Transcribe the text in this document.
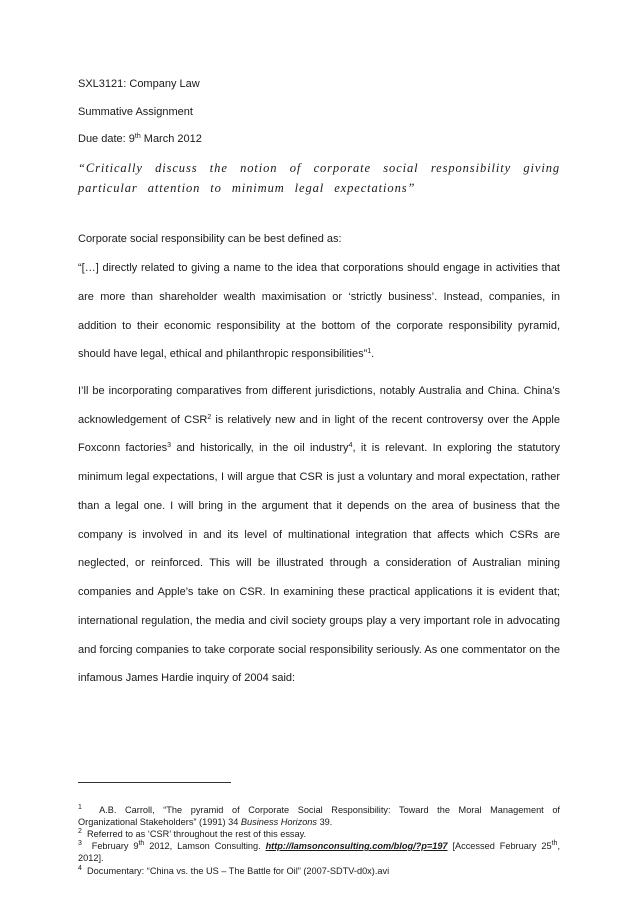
SXL3121: Company Law
Summative Assignment
Due date: 9th March 2012
“Critically discuss the notion of corporate social responsibility giving particular attention to minimum legal expectations”
Corporate social responsibility can be best defined as:
“[…] directly related to giving a name to the idea that corporations should engage in activities that
are more than shareholder wealth maximisation or ‘strictly business’. Instead, companies, in
addition to their economic responsibility at the bottom of the corporate responsibility pyramid,
should have legal, ethical and philanthropic responsibilities”$^1$.
I’ll be incorporating comparatives from different jurisdictions, notably Australia and China. China’s
acknowledgement of CSR$^2$ is relatively new and in light of the recent controversy over the Apple
Foxconn factories$^3$ and historically, in the oil industry$^4$, it is relevant. In exploring the statutory
minimum legal expectations, I will argue that CSR is just a voluntary and moral expectation, rather
than a legal one. I will bring in the argument that it depends on the area of business that the
company is involved in and its level of multinational integration that affects which CSRs are
neglected, or reinforced. This will be illustrated through a consideration of Australian mining
companies and Apple’s take on CSR. In examining these practical applications it is evident that;
international regulation, the media and civil society groups play a very important role in advocating
and forcing companies to take corporate social responsibility seriously. As one commentator on the
infamous James Hardie inquiry of 2004 said:
$^1$ A.B. Carroll, “The pyramid of Corporate Social Responsibility: Toward the Moral Management of
Organizational Stakeholders” (1991) 34 Business Horizons 39.
$^2$ Referred to as ‘CSR’ throughout the rest of this essay.
$^3$ February 9th 2012, Lamson Consulting. http://lamsonconsulting.com/blog/?p=197 [Accessed February 25th,
2012].
$^4$ Documentary: “China vs. the US – The Battle for Oil” (2007-SDTV-d0x).avi
